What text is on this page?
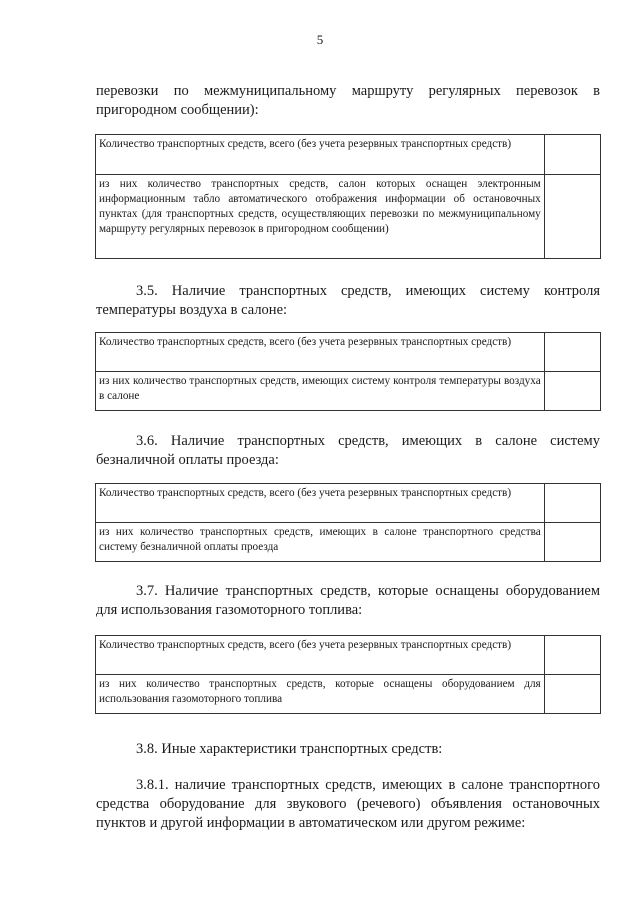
5
перевозки по межмуниципальному маршруту регулярных перевозок в пригородном сообщении):
Количество транспортных средств, всего (без учета резервных транспортных средств)	
из них количество транспортных средств, салон которых оснащен электронным информационным табло автоматического отображения информации об остановочных пунктах (для транспортных средств, осуществляющих перевозки по межмуниципальному маршруту регулярных перевозок в пригородном сообщении)	
3.5. Наличие транспортных средств, имеющих систему контроля температуры воздуха в салоне:
Количество транспортных средств, всего (без учета резервных транспортных средств)	
из них количество транспортных средств, имеющих систему контроля температуры воздуха в салоне	
3.6. Наличие транспортных средств, имеющих в салоне систему безналичной оплаты проезда:
Количество транспортных средств, всего (без учета резервных транспортных средств)	
из них количество транспортных средств, имеющих в салоне транспортного средства систему безналичной оплаты проезда	
3.7. Наличие транспортных средств, которые оснащены оборудованием для использования газомоторного топлива:
Количество транспортных средств, всего (без учета резервных транспортных средств)	
из них количество транспортных средств, которые оснащены оборудованием для использования газомоторного топлива	
3.8. Иные характеристики транспортных средств:
3.8.1. наличие транспортных средств, имеющих в салоне транспортного средства оборудование для звукового (речевого) объявления остановочных пунктов и другой информации в автоматическом или другом режиме:
